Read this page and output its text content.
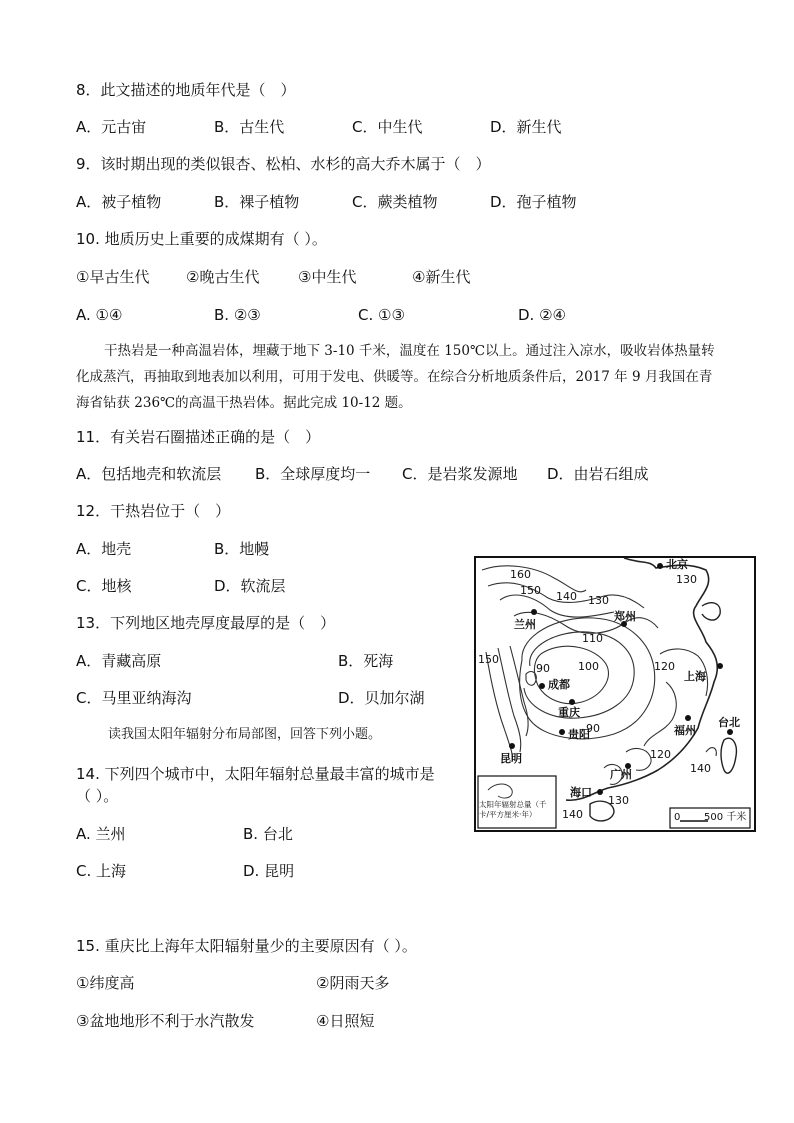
8．此文描述的地质年代是（　）
A．元古宙	B．古生代	C．中生代	D．新生代
9．该时期出现的类似银杏、松柏、水杉的高大乔木属于（　）
A．被子植物	B．裸子植物	C．蕨类植物	D．孢子植物
10. 地质历史上重要的成煤期有（ ）。
①早古生代 ②晚古生代	③中生代	④新生代
A. ①④	B. ②③	C. ①③	D. ②④
干热岩是一种高温岩体，埋藏于地下 3-10 千米，温度在 150℃以上。通过注入凉水，吸收岩体热量转化成蒸汽，再抽取到地表加以利用，可用于发电、供暖等。在综合分析地质条件后，2017 年 9 月我国在青海省钻获 236℃的高温干热岩体。据此完成 10-12 题。
11．有关岩石圈描述正确的是（　）
A．包括地壳和软流层 B．全球厚度均一 C．是岩浆发源地 D．由岩石组成
12．干热岩位于（　）
A．地壳	B．地幔
C．地核	D．软流层
13．下列地区地壳厚度最厚的是（　）
A．青藏高原	B．死海
C．马里亚纳海沟	D．贝加尔湖
读我国太阳年辐射分布局部图，回答下列小题。
14. 下列四个城市中，太阳年辐射总量最丰富的城市是
（ ）。
A. 兰州	B. 台北
C. 上海	D. 昆明
15. 重庆比上海年太阳辐射量少的主要原因有（ ）。
①纬度高	②阴雨天多
③盆地地形不利于水汽散发	④日照短
160
150 140 130
130
110
100
90
90
120
150
120
140
130
140
北京
兰州
郑州
成都
重庆
贵阳
上海
福州
台北
昆明
广州
海口
太阳年辐射总量（千卡/平方厘米·年）	0 500 千米
